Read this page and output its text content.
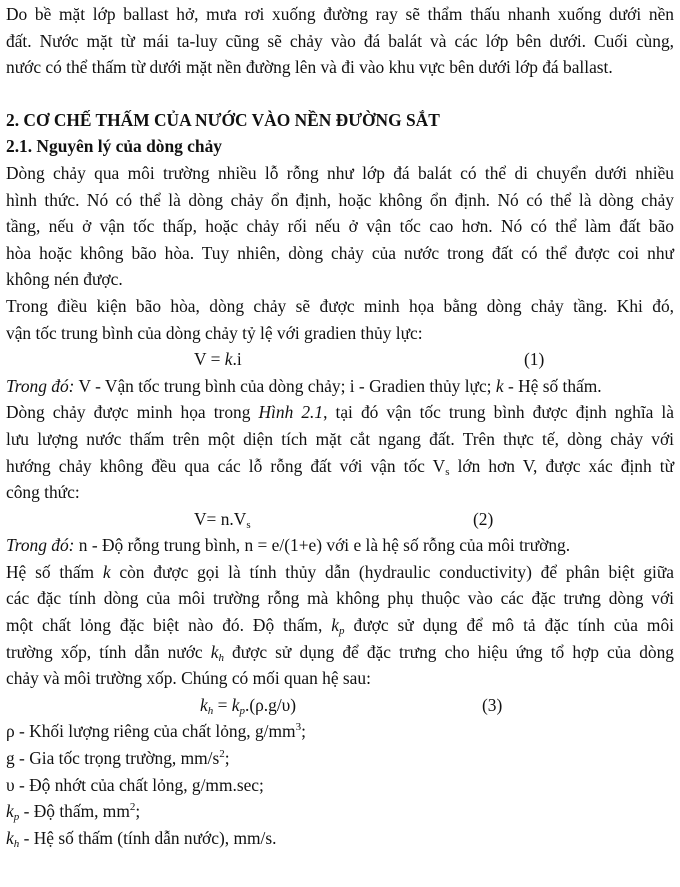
Do bề mặt lớp ballast hở, mưa rơi xuống đường ray sẽ thẩm thấu nhanh xuống dưới nền

đất. Nước mặt từ mái ta-luy cũng sẽ chảy vào đá balát và các lớp bên dưới. Cuối cùng,

nước có thể thấm từ dưới mặt nền đường lên và đi vào khu vực bên dưới lớp đá ballast.

2. CƠ CHẾ THẤM CỦA NƯỚC VÀO NỀN ĐƯỜNG SẮT

2.1. Nguyên lý của dòng chảy

Dòng chảy qua môi trường nhiều lỗ rỗng như lớp đá balát có thể di chuyển dưới nhiều

hình thức. Nó có thể là dòng chảy ổn định, hoặc không ổn định. Nó có thể là dòng chảy

tầng, nếu ở vận tốc thấp, hoặc chảy rối nếu ở vận tốc cao hơn. Nó có thể làm đất bão

hòa hoặc không bão hòa. Tuy nhiên, dòng chảy của nước trong đất có thể được coi như

không nén được.

Trong điều kiện bão hòa, dòng chảy sẽ được minh họa bằng dòng chảy tầng. Khi đó,

vận tốc trung bình của dòng chảy tỷ lệ với gradien thủy lực:

V = k.i	(1)

Trong đó: V - Vận tốc trung bình của dòng chảy; i - Gradien thủy lực; k - Hệ số thấm.

Dòng chảy được minh họa trong Hình 2.1, tại đó vận tốc trung bình được định nghĩa là

lưu lượng nước thấm trên một diện tích mặt cắt ngang đất. Trên thực tế, dòng chảy với

hướng chảy không đều qua các lỗ rỗng đất với vận tốc $V_s$ lớn hơn V, được xác định từ

công thức:

$V= n.V_s$	(2)

Trong đó: n - Độ rỗng trung bình, n = e/(1+e) với e là hệ số rỗng của môi trường.

Hệ số thấm k còn được gọi là tính thủy dẫn (hydraulic conductivity) để phân biệt giữa

các đặc tính dòng của môi trường rỗng mà không phụ thuộc vào các đặc trưng dòng với

một chất lỏng đặc biệt nào đó. Độ thấm, $k_p$ được sử dụng để mô tả đặc tính của môi

trường xốp, tính dẫn nước $k_h$ được sử dụng để đặc trưng cho hiệu ứng tổ hợp của dòng

chảy và môi trường xốp. Chúng có mối quan hệ sau:

$k_h = k_p.(\rho.g/\upsilon)$	(3)

ρ - Khối lượng riêng của chất lỏng, $g/mm^3$;

g - Gia tốc trọng trường, $mm/s^2$;

υ - Độ nhớt của chất lỏng, g/mm.sec;

$k_p$ - Độ thấm, $mm^2$;

$k_h$ - Hệ số thấm (tính dẫn nước), mm/s.
